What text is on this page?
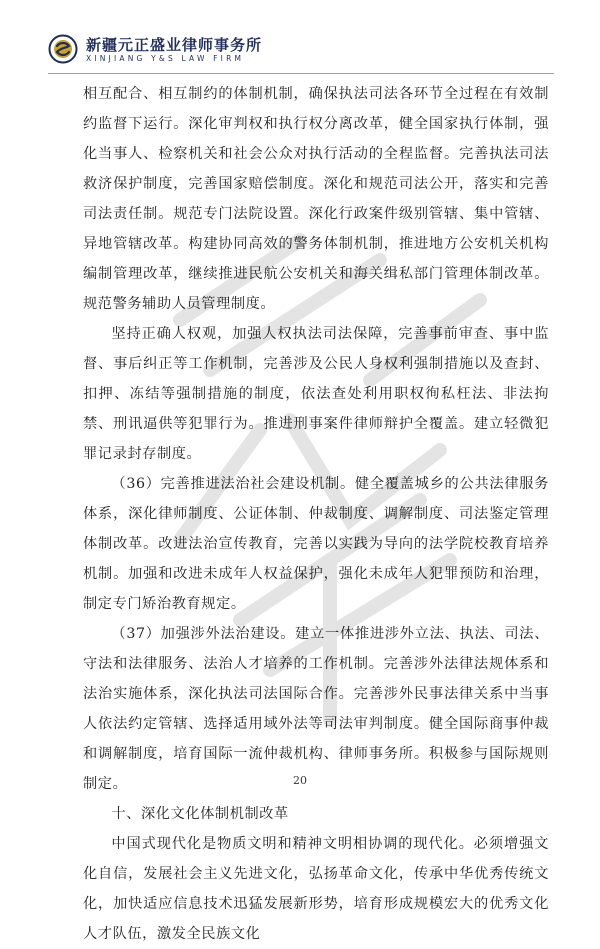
新疆元正盛业律师事务所
XINJIANG Y&S LAW FIRM

相互配合、相互制约的体制机制，确保执法司法各环节全过程在有效制约监督下运行。深化审判权和执行权分离改革，健全国家执行体制，强化当事人、检察机关和社会公众对执行活动的全程监督。完善执法司法救济保护制度，完善国家赔偿制度。深化和规范司法公开，落实和完善司法责任制。规范专门法院设置。深化行政案件级别管辖、集中管辖、异地管辖改革。构建协同高效的警务体制机制，推进地方公安机关机构编制管理改革，继续推进民航公安机关和海关缉私部门管理体制改革。规范警务辅助人员管理制度。

坚持正确人权观，加强人权执法司法保障，完善事前审查、事中监督、事后纠正等工作机制，完善涉及公民人身权利强制措施以及查封、扣押、冻结等强制措施的制度，依法查处利用职权徇私枉法、非法拘禁、刑讯逼供等犯罪行为。推进刑事案件律师辩护全覆盖。建立轻微犯罪记录封存制度。

（36）完善推进法治社会建设机制。健全覆盖城乡的公共法律服务体系，深化律师制度、公证体制、仲裁制度、调解制度、司法鉴定管理体制改革。改进法治宣传教育，完善以实践为导向的法学院校教育培养机制。加强和改进未成年人权益保护，强化未成年人犯罪预防和治理，制定专门矫治教育规定。

（37）加强涉外法治建设。建立一体推进涉外立法、执法、司法、守法和法律服务、法治人才培养的工作机制。完善涉外法律法规体系和法治实施体系，深化执法司法国际合作。完善涉外民事法律关系中当事人依法约定管辖、选择适用域外法等司法审判制度。健全国际商事仲裁和调解制度，培育国际一流仲裁机构、律师事务所。积极参与国际规则制定。

十、深化文化体制机制改革

中国式现代化是物质文明和精神文明相协调的现代化。必须增强文化自信，发展社会主义先进文化，弘扬革命文化，传承中华优秀传统文化，加快适应信息技术迅猛发展新形势，培育形成规模宏大的优秀文化人才队伍，激发全民族文化

20
